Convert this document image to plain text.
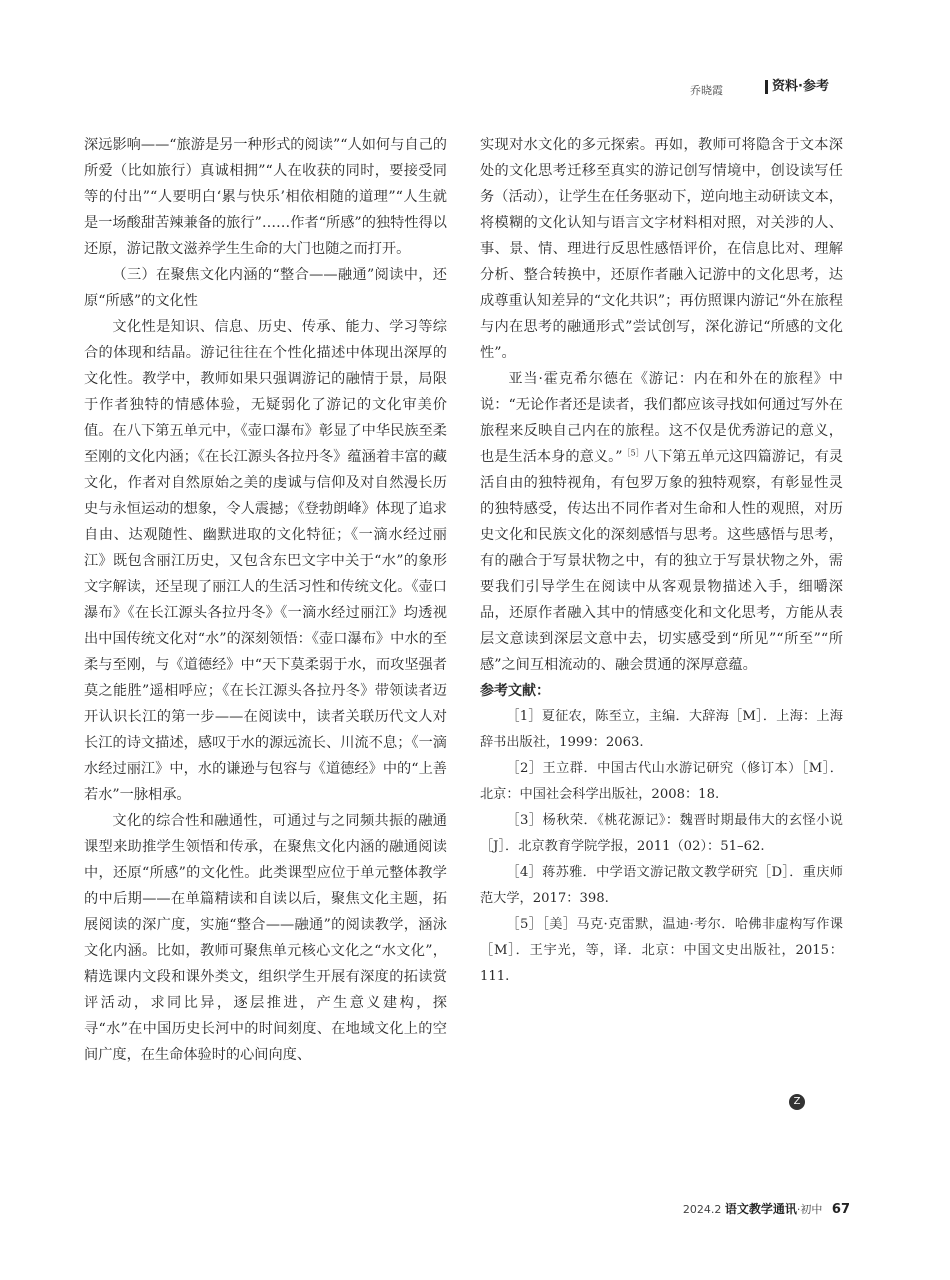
乔晓霞	资料·参考

深远影响——“旅游是另一种形式的阅读”“人如何与自己的所爱（比如旅行）真诚相拥”“人在收获的同时，要接受同等的付出”“人要明白‘累与快乐’相依相随的道理”“人生就是一场酸甜苦辣兼备的旅行”……作者“所感”的独特性得以还原，游记散文滋养学生生命的大门也随之而打开。

（三）在聚焦文化内涵的“整合——融通”阅读中，还原“所感”的文化性

文化性是知识、信息、历史、传承、能力、学习等综合的体现和结晶。游记往往在个性化描述中体现出深厚的文化性。教学中，教师如果只强调游记的融情于景，局限于作者独特的情感体验，无疑弱化了游记的文化审美价值。在八下第五单元中，《壶口瀑布》彰显了中华民族至柔至刚的文化内涵；《在长江源头各拉丹冬》蕴涵着丰富的藏文化，作者对自然原始之美的虔诚与信仰及对自然漫长历史与永恒运动的想象，令人震撼；《登勃朗峰》体现了追求自由、达观随性、幽默进取的文化特征；《一滴水经过丽江》既包含丽江历史，又包含东巴文字中关于“水”的象形文字解读，还呈现了丽江人的生活习性和传统文化。《壶口瀑布》《在长江源头各拉丹冬》《一滴水经过丽江》均透视出中国传统文化对“水”的深刻领悟：《壶口瀑布》中水的至柔与至刚，与《道德经》中“天下莫柔弱于水，而攻坚强者莫之能胜”遥相呼应；《在长江源头各拉丹冬》带领读者迈开认识长江的第一步——在阅读中，读者关联历代文人对长江的诗文描述，感叹于水的源远流长、川流不息；《一滴水经过丽江》中，水的谦逊与包容与《道德经》中的“上善若水”一脉相承。

文化的综合性和融通性，可通过与之同频共振的融通课型来助推学生领悟和传承，在聚焦文化内涵的融通阅读中，还原“所感”的文化性。此类课型应位于单元整体教学的中后期——在单篇精读和自读以后，聚焦文化主题，拓展阅读的深广度，实施“整合——融通”的阅读教学，涵泳文化内涵。比如，教师可聚焦单元核心文化之“水文化”，精选课内文段和课外类文，组织学生开展有深度的拓读赏评活动，求同比异，逐层推进，产生意义建构，探寻“水”在中国历史长河中的时间刻度、在地域文化上的空间广度，在生命体验时的心间向度、

实现对水文化的多元探索。再如，教师可将隐含于文本深处的文化思考迁移至真实的游记创写情境中，创设读写任务（活动），让学生在任务驱动下，逆向地主动研读文本，将模糊的文化认知与语言文字材料相对照，对关涉的人、事、景、情、理进行反思性感悟评价，在信息比对、理解分析、整合转换中，还原作者融入记游中的文化思考，达成尊重认知差异的“文化共识”；再仿照课内游记“外在旅程与内在思考的融通形式”尝试创写，深化游记“所感的文化性”。

亚当·霍克希尔德在《游记：内在和外在的旅程》中说：“无论作者还是读者，我们都应该寻找如何通过写外在旅程来反映自己内在的旅程。这不仅是优秀游记的意义，也是生活本身的意义。”$^{[5]}$八下第五单元这四篇游记，有灵活自由的独特视角，有包罗万象的独特观察，有彰显性灵的独特感受，传达出不同作者对生命和人性的观照，对历史文化和民族文化的深刻感悟与思考。这些感悟与思考，有的融合于写景状物之中，有的独立于写景状物之外，需要我们引导学生在阅读中从客观景物描述入手，细嚼深品，还原作者融入其中的情感变化和文化思考，方能从表层文意读到深层文意中去，切实感受到“所见”“所至”“所感”之间互相流动的、融会贯通的深厚意蕴。

参考文献：

［1］夏征农，陈至立，主编．大辞海［M］．上海：上海辞书出版社，1999：2063.

［2］王立群．中国古代山水游记研究（修订本）［M］．北京：中国社会科学出版社，2008：18.

［3］杨秋荣．《桃花源记》：魏晋时期最伟大的玄怪小说［J］．北京教育学院学报，2011（02）：51–62.

［4］蒋苏雅．中学语文游记散文教学研究［D］．重庆师范大学，2017：398.

［5］［美］马克·克雷默，温迪·考尔．哈佛非虚构写作课［M］．王宇光，等，译．北京：中国文史出版社，2015：111.

Z
2024.2 语文教学通讯·初中 67
